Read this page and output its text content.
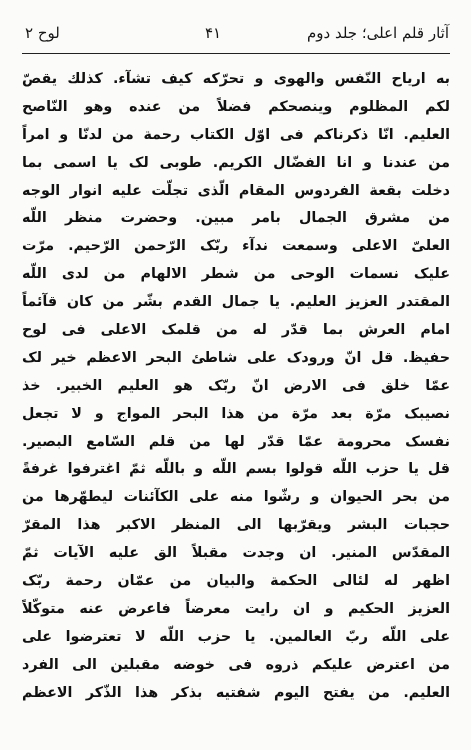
آثار قلم اعلی؛ جلد دوم
۴۱
لوح ۲
به ارياح النّفس والهوى و تحرّكه كيف تشآء. كذلك يقصّ
لكم المظلوم وينصحكم فضلاً من عنده وهو النّاصح
العليم. انّا ذكرناكم فى اوّل الكتاب رحمة من لدنّا و امراً
من عندنا و انا الفضّال الكريم. طوبى لک يا اسمى بما
دخلت بقعة الفردوس المقام الّذى تجلّت عليه انوار الوجه
من مشرق الجمال بامر مبين. وحضرت منظر اللّه
العلىّ الاعلى وسمعت ندآء ربّک الرّحمن الرّحيم. مرّت
عليک نسمات الوحى من شطر الالهام من لدى اللّه
المقتدر العزيز العليم. يا جمال القدم بشّر من كان قآئماً
امام العرش بما قدّر له من قلمک الاعلى فى لوح
حفيظ. قل انّ ورودک على شاطئ البحر الاعظم خير لک
عمّا خلق فى الارض انّ ربّک هو العليم الخبير. خذ
نصيبک مرّة بعد مرّة من هذا البحر المواج و لا تجعل
نفسک محرومة عمّا قدّر لها من قلم السّامع البصير.
قل يا حزب اللّه قولوا بسم اللّه و باللّه ثمّ اغترفوا غرفةً
من بحر الحيوان و رشّوا منه على الكآئنات ليطهّرها من
حجبات البشر ويقرّبها الى المنظر الاكبر هذا المقرّ
المقدّس المنير. ان وجدت مقبلاً الق عليه الآيات ثمّ
اظهر له لئالى الحكمة والبيان من عمّان رحمة ربّک
العزيز الحكيم و ان رايت معرضاً فاعرض عنه متوكّلاً
على اللّه ربّ العالمين. يا حزب اللّه لا تعترضوا على
من اعترض عليكم ذروه فى خوضه مقبلين الى الفرد
العليم. من يفتح اليوم شفتيه بذكر هذا الذّكر الاعظم
